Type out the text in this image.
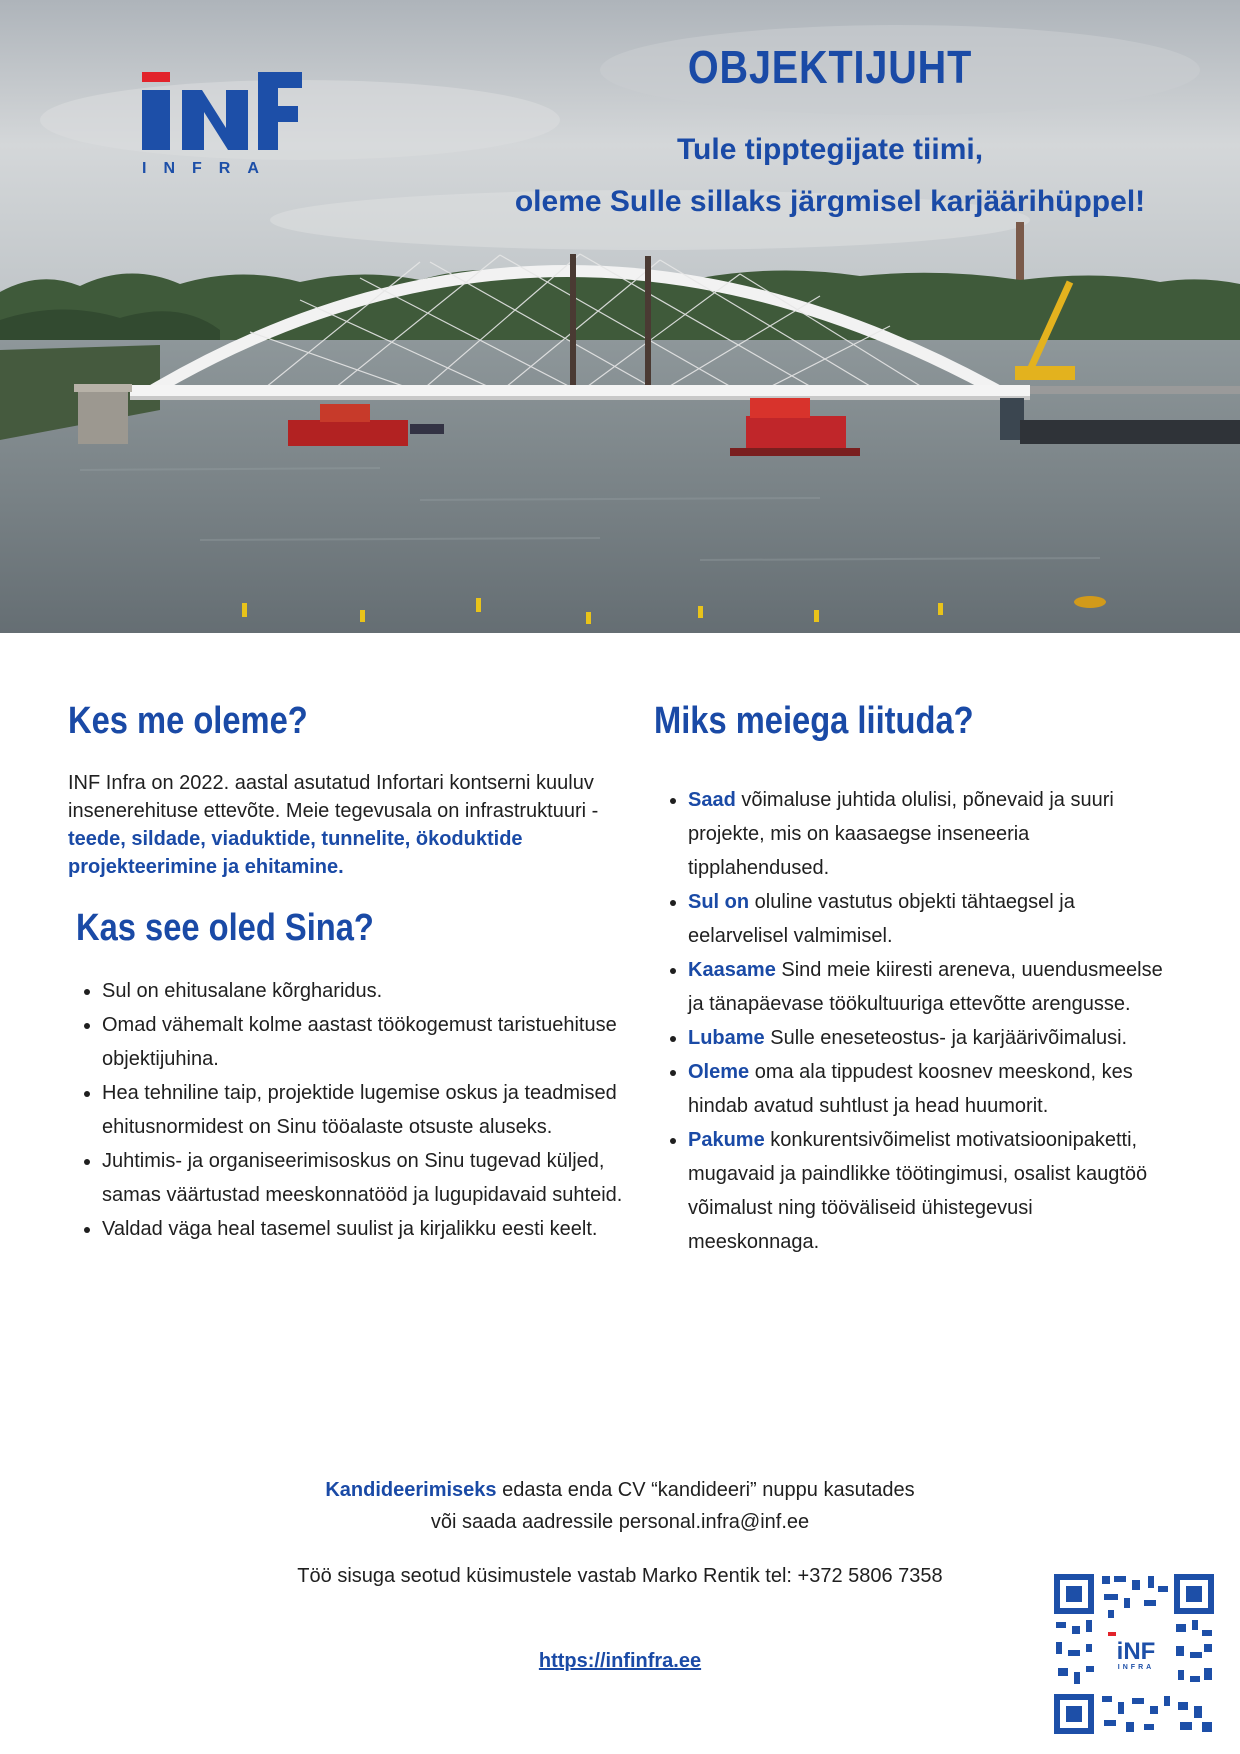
INFRA
OBJEKTIJUHT
Tule tipptegijate tiimi,
oleme Sulle sillaks järgmisel karjäärihüppel!
Kes me oleme?

INF Infra on 2022. aastal asutatud Infortari kontserni kuuluv insenerehituse ettevõte. Meie tegevusala on infrastruktuuri - teede, sildade, viaduktide, tunnelite, ökoduktide projekteerimine ja ehitamine.

Kas see oled Sina?
• Sul on ehitusalane kõrgharidus.
• Omad vähemalt kolme aastast töökogemust taristuehituse objektijuhina.
• Hea tehniline taip, projektide lugemise oskus ja teadmised ehitusnormidest on Sinu tööalaste otsuste aluseks.
• Juhtimis- ja organiseerimisoskus on Sinu tugevad küljed, samas väärtustad meeskonnatööd ja lugupidavaid suhteid.
• Valdad väga heal tasemel suulist ja kirjalikku eesti keelt.
Miks meiega liituda?
• Saad võimaluse juhtida olulisi, põnevaid ja suuri projekte, mis on kaasaegse inseneeria tipplahendused.
• Sul on oluline vastutus objekti tähtaegsel ja eelarvelisel valmimisel.
• Kaasame Sind meie kiiresti areneva, uuendusmeelse ja tänapäevase töökultuuriga ettevõtte arengusse.
• Lubame Sulle eneseteostus- ja karjäärivõimalusi.
• Oleme oma ala tippudest koosnev meeskond, kes hindab avatud suhtlust ja head huumorit.
• Pakume konkurentsivõimelist motivatsioonipaketti, mugavaid ja paindlikke töötingimusi, osalist kaugtöö võimalust ning tööväliseid ühistegevusi meeskonnaga.

Kandideerimiseks edasta enda CV “kandideeri” nuppu kasutades

või saada aadressile personal.infra@inf.ee

Töö sisuga seotud küsimustele vastab Marko Rentik tel: +372 5806 7358

https://infinfra.ee	iNF
INFRA
